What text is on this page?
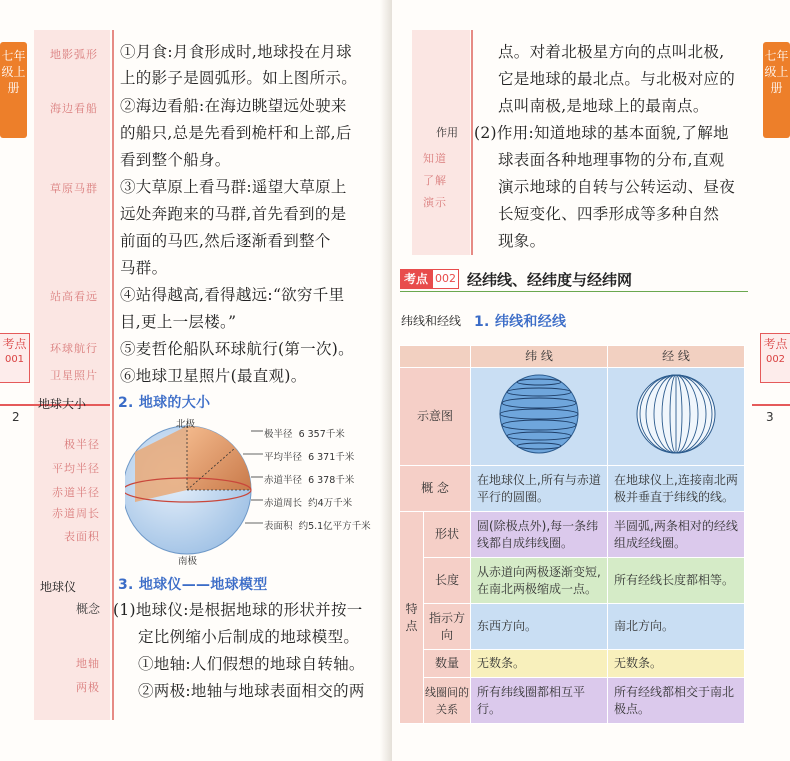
七年级上册
考点
001
2
地影弧形
海边看船
草原马群
站高看远
环球航行
卫星照片
地球大小
极半径
平均半径
赤道半径
赤道周长
表面积
地球仪
概念
地轴
两极
①月食:月食形成时,地球投在月球
上的影子是圆弧形。如上图所示。
②海边看船:在海边眺望远处驶来
的船只,总是先看到桅杆和上部,后
看到整个船身。
③大草原上看马群:遥望大草原上
远处奔跑来的马群,首先看到的是
前面的马匹,然后逐渐看到整个
马群。
④站得越高,看得越远:“欲穷千里
目,更上一层楼。”
⑤麦哲伦船队环球航行(第一次)。
⑥地球卫星照片(最直观)。
2. 地球的大小
北极
南极
极半径 6 357千米
平均半径 6 371千米
赤道半径 6 378千米
赤道周长 约4万千米
表面积 约5.1亿平方千米
3. 地球仪——地球模型
(1)地球仪:是根据地球的形状并按一
定比例缩小后制成的地球模型。
①地轴:人们假想的地球自转轴。
②两极:地轴与地球表面相交的两
七年级上册
考点
002
3
作用
知道
了解
演示
点。对着北极星方向的点叫北极,
它是地球的最北点。与北极对应的
点叫南极,是地球上的最南点。
(2)作用:知道地球的基本面貌,了解地
球表面各种地理事物的分布,直观
演示地球的自转与公转运动、昼夜
长短变化、四季形成等多种自然
现象。
考点 002 经纬线、经纬度与经纬网
纬线和经线 1. 纬线和经线
		纬 线	经 线
示意图		
概 念		在地球仪上,所有与赤道平行的圆圈。	在地球仪上,连接南北两极并垂直于纬线的线。
特点	形状	圆(除极点外),每一条纬线都自成纬线圈。	半圆弧,两条相对的经线组成经线圈。
	长度	从赤道向两极逐渐变短,在南北两极缩成一点。	所有经线长度都相等。
	指示方向	东西方向。	南北方向。
	数量	无数条。	无数条。
	线圈间的关系	所有纬线圈都相互平行。	所有经线都相交于南北极点。
